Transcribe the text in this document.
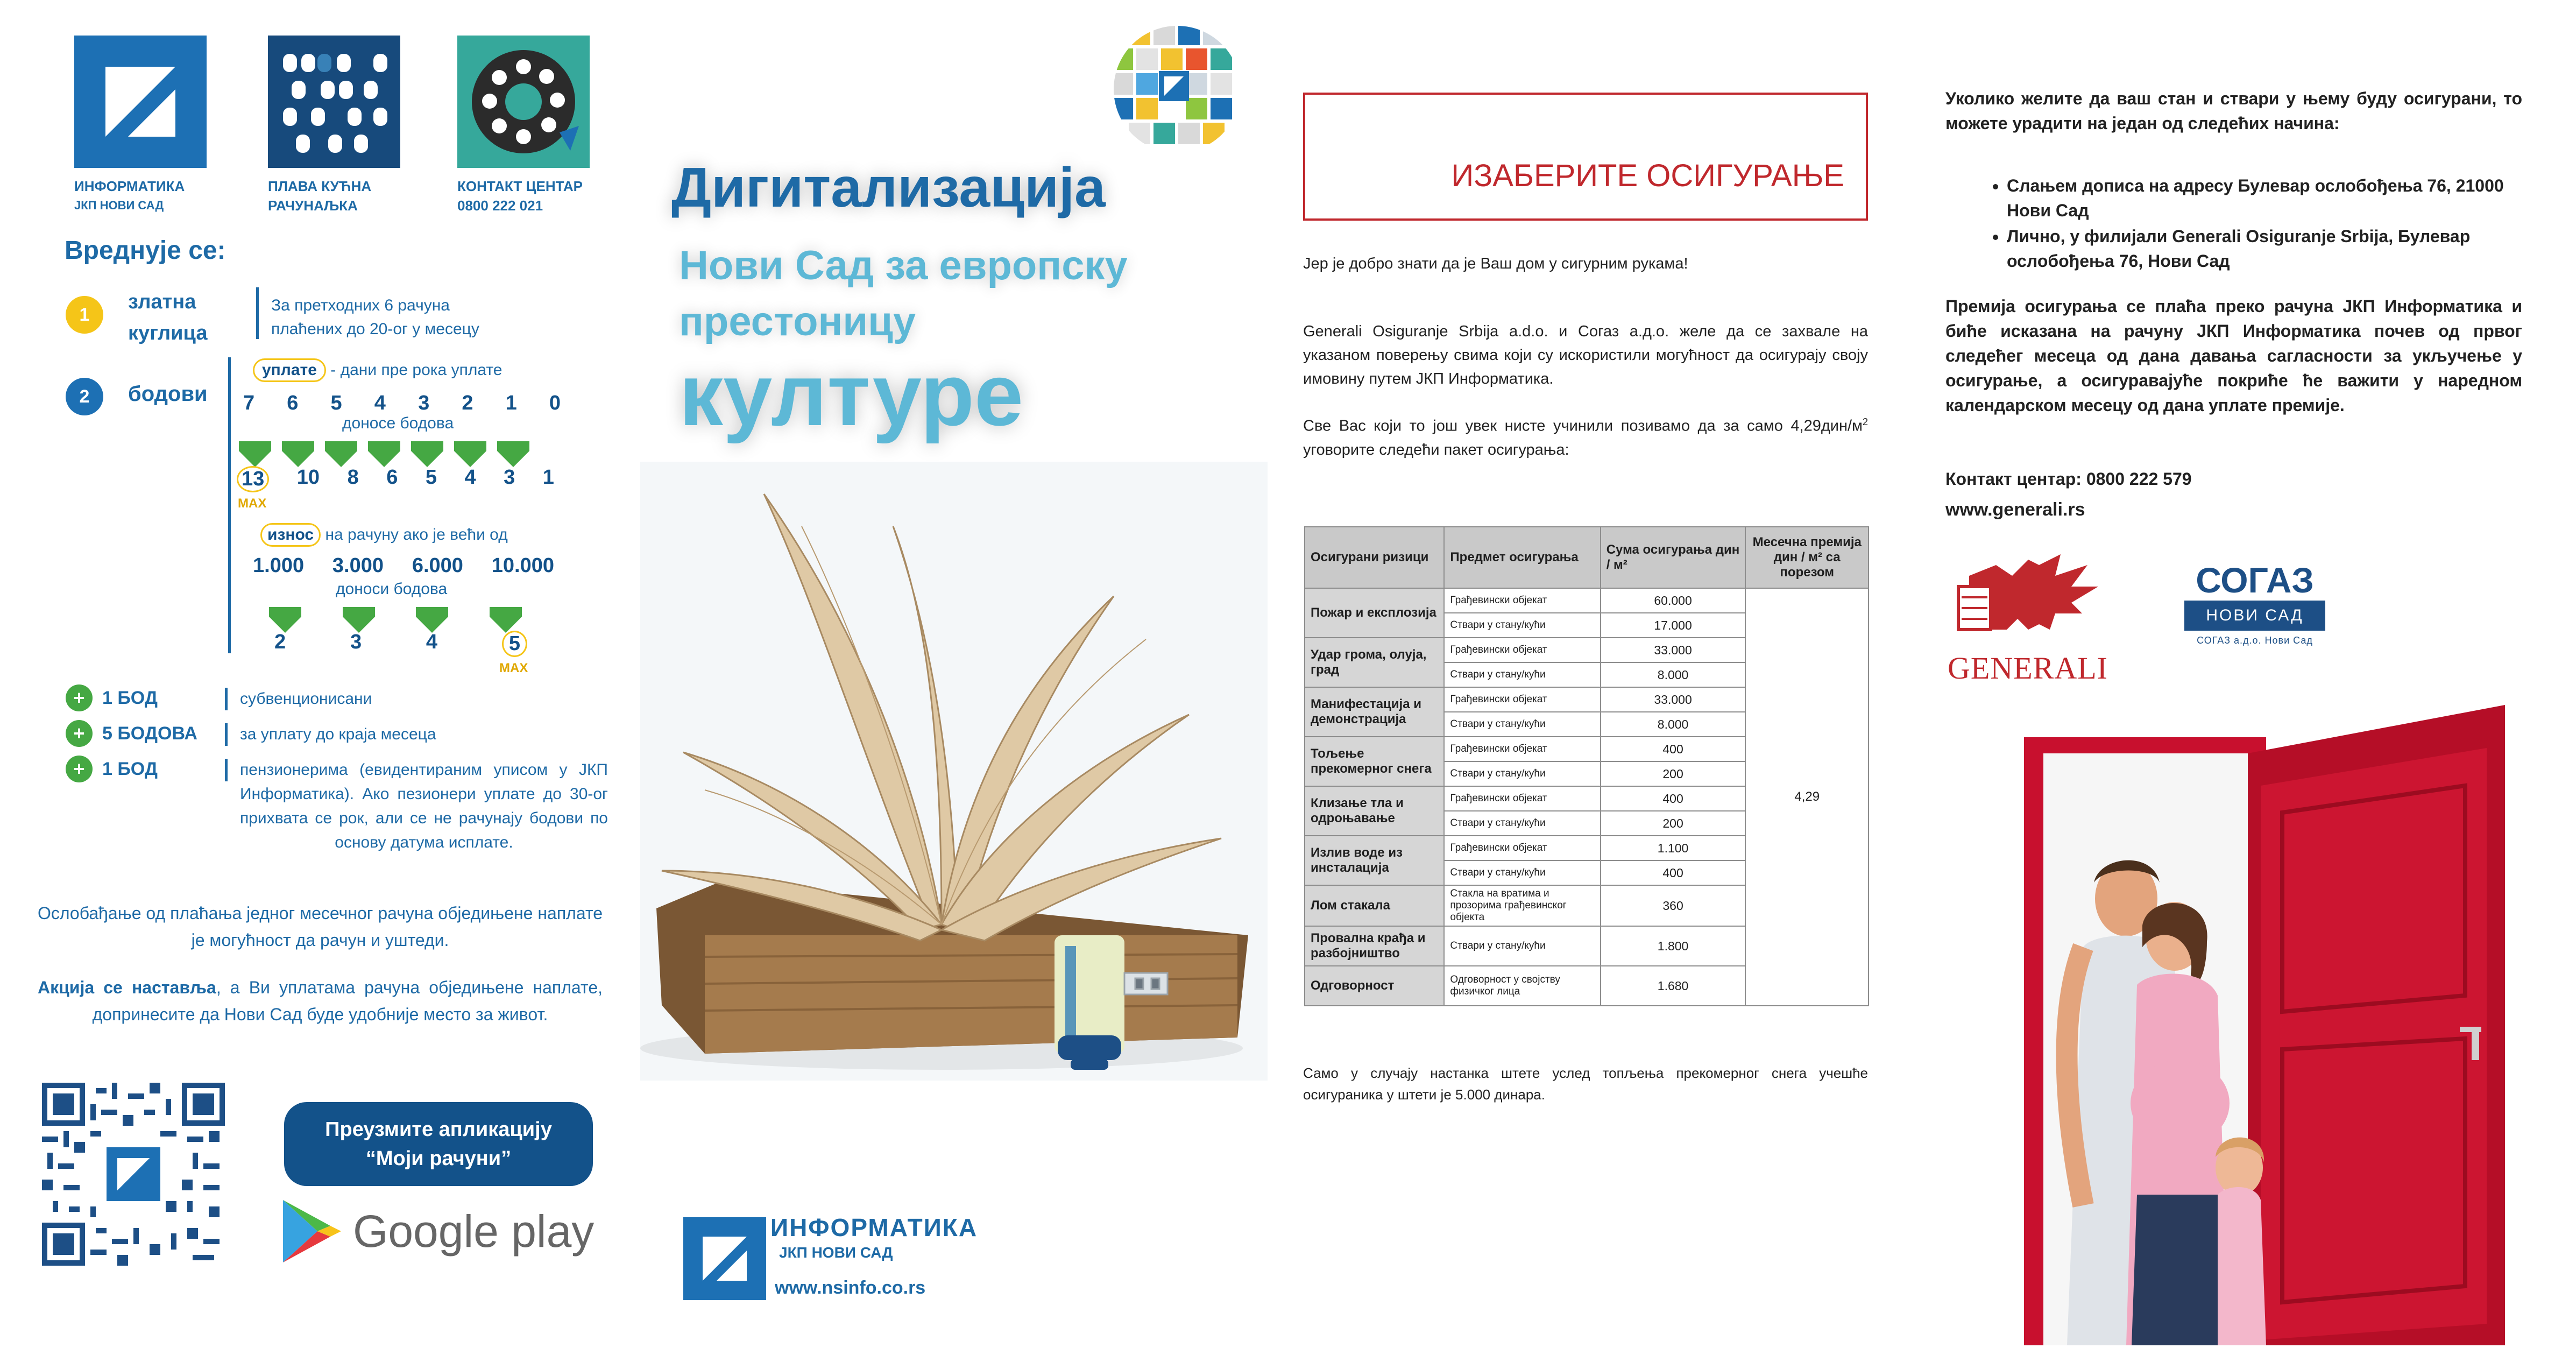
ИНФОРМАТИКА
ЈКП НОВИ САД
ПЛАВА КУЋНА
РАЧУНАЉКА
КОНТАКТ ЦЕНТАР
0800 222 021
Вреднује се:
1
златна
куглица
За претходних 6 рачуна
плаћених до 20-ог у месецу
2	бодови
уплате - дани пре рока уплате
7 6 5 4 3 2 1 0
доносе бодова
13 10 8 6 5 4 3 1
MAX
износ на рачуну ако је већи од
1.000 3.000 6.000 10.000
доноси бодова
2	3	4	5
MAX
+ 1 БОД	субвенционисани
+ 5 БОДОВА	за уплату до краја месеца
+ 1 БОД	пензионерима (евидентираним уписом у ЈКП Информатика). Ако пезионери уплате до 30-ог прихвата се рок, али се не рачунају бодови по основу датума исплате.
Ослобађање од плаћања једног месечног рачуна обједињене наплате је могућност да рачун и уштеди.
Акција се наставља, а Ви уплатама рачуна обједињене наплате, допринесите да Нови Сад буде удобније место за живот.
Преузмите апликацију
“Моји рачуни”
Google play
Дигитализација
Нови Сад за европску
престоницу
културе
ИНФОРМАТИКА
ЈКП НОВИ САД
www.nsinfo.co.rs
ИЗАБЕРИТЕ ОСИГУРАЊЕ
Јер је добро знати да је Ваш дом у сигурним рукама!
Generali Osiguranje Srbija a.d.o. и Согаз а.д.о. желе да се захвале на указаном поверењу свима који су искористили могућност да осигурају своју имовину путем ЈКП Информатика.
Све Вас који то још увек нисте учинили позивамо да за само $4,29дин/м^2$ уговорите следећи пакет осигурања:
Осигурани ризици	Предмет осигурања	Сума осигурања дин / м²	Месечна премија дин / м² са порезом
Пожар и експлозија	Грађевински објекат	60.000	4,29
	Ствари у стану/кући	17.000	
Удар грома, олуја, град	Грађевински објекат	33.000	
	Ствари у стану/кући	8.000	
Манифестација и демонстрација	Грађевински објекат	33.000	
	Ствари у стану/кући	8.000	
Тољење прекомерног снега	Грађевински објекат	400	
	Ствари у стану/кући	200	
Клизање тла и одроњавање	Грађевински објекат	400	
	Ствари у стану/кући	200	
Излив воде из инсталација	Грађевински објекат	1.100	
	Ствари у стану/кући	400	
Лом стакала	Стакла на вратима и прозорима грађевинског објекта	360	
Провална крађа и разбојништво	Ствари у стану/кући	1.800	
Одговорност	Одговорност у својству физичког лица	1.680	
Само у случају настанка штете услед топљења прекомерног снега учешће осигураника у штети је 5.000 динара.
Уколико желите да ваш стан и ствари у њему буду осигурани, то можете урадити на један од следећих начина:
• Слањем дописа на адресу Булевар ослобођења 76, 21000 Нови Сад
• Лично, у филијали Generali Osiguranje Srbija, Булевар ослобођења 76, Нови Сад
Премија осигурања се плаћа преко рачуна ЈКП Информатика и биће исказана на рачуну ЈКП Информатика почев од првог следећег месеца од дана давања сагласности за укључење у осигурање, а осигуравајуће покриће ће важити у наредном календарском месецу од дана уплате премије.
Контакт центар: 0800 222 579
www.generali.rs
GENERALI
СОГАЗ
НОВИ САД
СОГАЗ а.д.о. Нови Сад
